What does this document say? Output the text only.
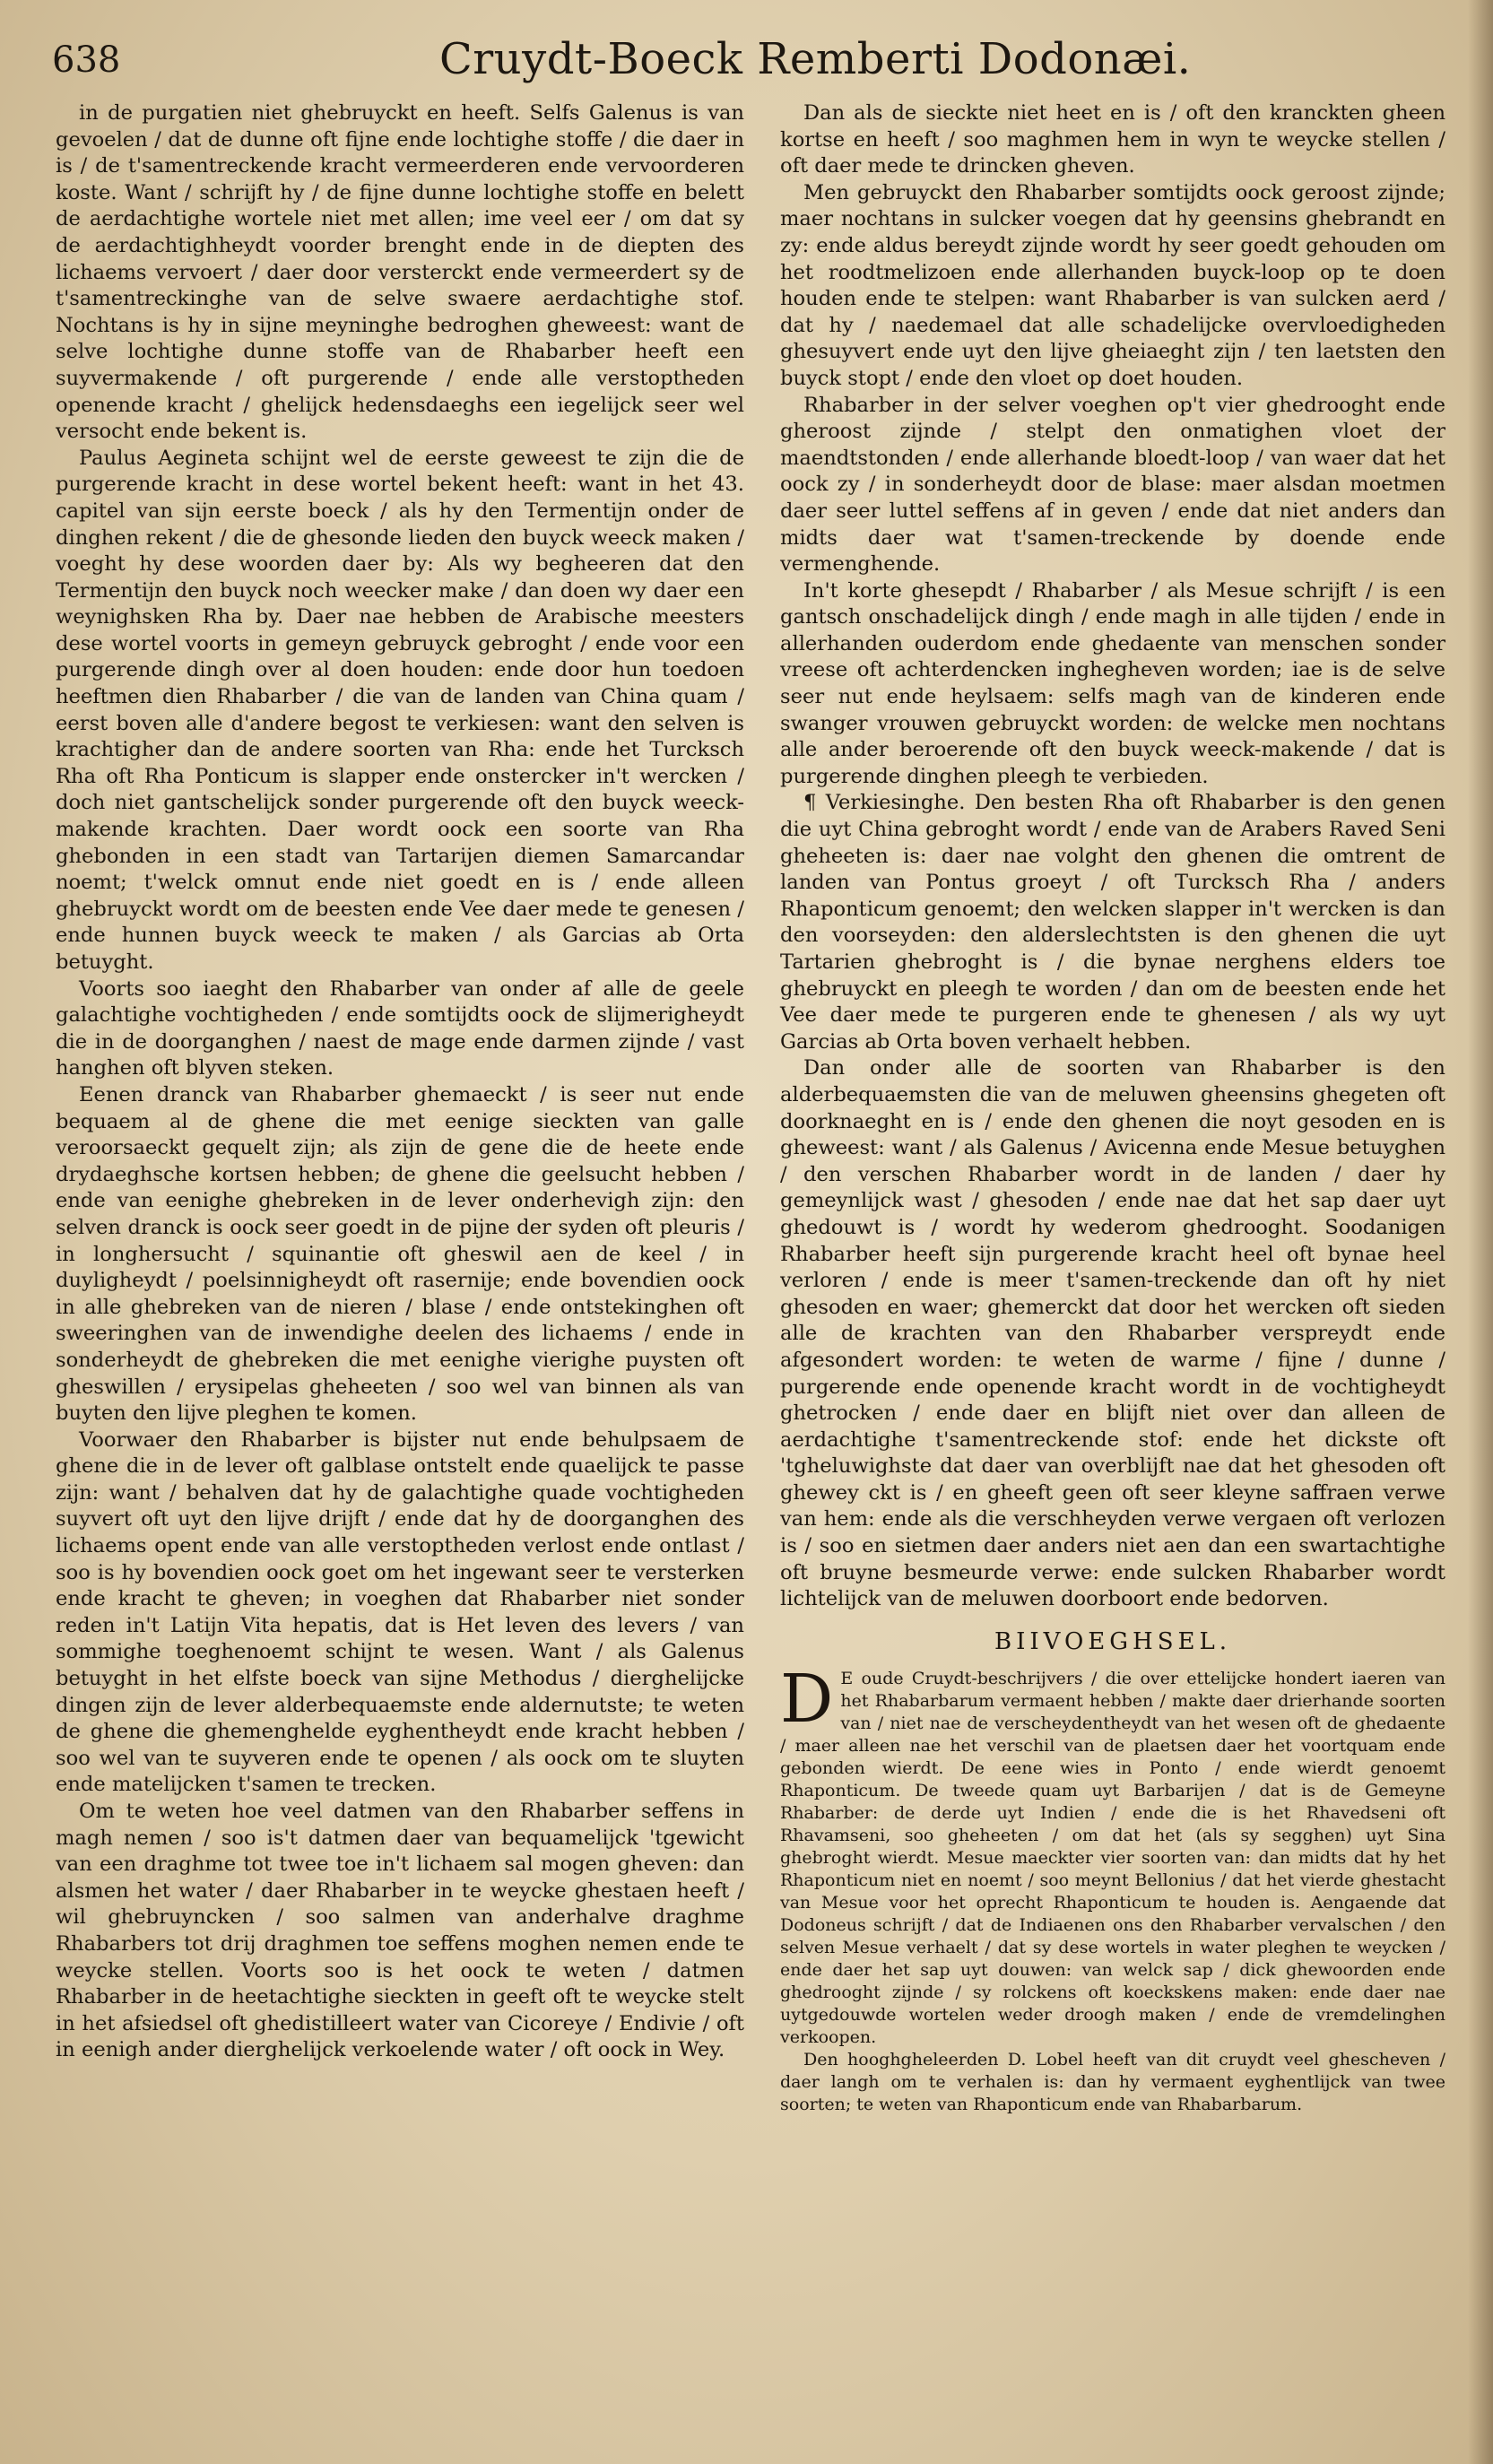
638	Cruydt-Boeck Remberti Dodonæi.

in de purgatien niet ghebruyckt en heeft. Selfs Galenus is van gevoelen / dat de dunne oft fijne ende lochtighe stoffe / die daer in is / de t'samentreckende kracht vermeerderen ende vervoorderen koste. Want / schrijft hy / de fijne dunne lochtighe stoffe en belett de aerdachtighe wortele niet met allen; ime veel eer / om dat sy de aerdachtighheydt voorder brenght ende in de diepten des lichaems vervoert / daer door versterckt ende vermeerdert sy de t'samentreckinghe van de selve swaere aerdachtighe stof. Nochtans is hy in sijne meyninghe bedroghen gheweest: want de selve lochtighe dunne stoffe van de Rhabarber heeft een suyvermakende / oft purgerende / ende alle verstoptheden openende kracht / ghelijck hedensdaeghs een iegelijck seer wel versocht ende bekent is.

Paulus Aegineta schijnt wel de eerste geweest te zijn die de purgerende kracht in dese wortel bekent heeft: want in het 43. capitel van sijn eerste boeck / als hy den Termentijn onder de dinghen rekent / die de ghesonde lieden den buyck weeck maken / voeght hy dese woorden daer by: Als wy begheeren dat den Termentijn den buyck noch weecker make / dan doen wy daer een weynighsken Rha by. Daer nae hebben de Arabische meesters dese wortel voorts in gemeyn gebruyck gebroght / ende voor een purgerende dingh over al doen houden: ende door hun toedoen heeftmen dien Rhabarber / die van de landen van China quam / eerst boven alle d'andere begost te verkiesen: want den selven is krachtigher dan de andere soorten van Rha: ende het Turcksch Rha oft Rha Ponticum is slapper ende onstercker in't wercken / doch niet gantschelijck sonder purgerende oft den buyck weeck-makende krachten. Daer wordt oock een soorte van Rha ghebonden in een stadt van Tartarijen diemen Samarcandar noemt; t'welck omnut ende niet goedt en is / ende alleen ghebruyckt wordt om de beesten ende Vee daer mede te genesen / ende hunnen buyck weeck te maken / als Garcias ab Orta betuyght.

Voorts soo iaeght den Rhabarber van onder af alle de geele galachtighe vochtigheden / ende somtijdts oock de slijmerigheydt die in de doorganghen / naest de mage ende darmen zijnde / vast hanghen oft blyven steken.

Eenen dranck van Rhabarber ghemaeckt / is seer nut ende bequaem al de ghene die met eenige sieckten van galle veroorsaeckt gequelt zijn; als zijn de gene die de heete ende drydaeghsche kortsen hebben; de ghene die geelsucht hebben / ende van eenighe ghebreken in de lever onderhevigh zijn: den selven dranck is oock seer goedt in de pijne der syden oft pleuris / in longhersucht / squinantie oft gheswil aen de keel / in duyligheydt / poelsinnigheydt oft rasernije; ende bovendien oock in alle ghebreken van de nieren / blase / ende ontstekinghen oft sweeringhen van de inwendighe deelen des lichaems / ende in sonderheydt de ghebreken die met eenighe vierighe puysten oft gheswillen / erysipelas gheheeten / soo wel van binnen als van buyten den lijve pleghen te komen.

Voorwaer den Rhabarber is bijster nut ende behulpsaem de ghene die in de lever oft galblase ontstelt ende quaelijck te passe zijn: want / behalven dat hy de galachtighe quade vochtigheden suyvert oft uyt den lijve drijft / ende dat hy de doorganghen des lichaems opent ende van alle verstoptheden verlost ende ontlast / soo is hy bovendien oock goet om het ingewant seer te versterken ende kracht te gheven; in voeghen dat Rhabarber niet sonder reden in't Latijn Vita hepatis, dat is Het leven des levers / van sommighe toeghenoemt schijnt te wesen. Want / als Galenus betuyght in het elfste boeck van sijne Methodus / dierghelijcke dingen zijn de lever alderbequaemste ende aldernutste; te weten de ghene die ghemenghelde eyghentheydt ende kracht hebben / soo wel van te suyveren ende te openen / als oock om te sluyten ende matelijcken t'samen te trecken.

Om te weten hoe veel datmen van den Rhabarber seffens in magh nemen / soo is't datmen daer van bequamelijck 'tgewicht van een draghme tot twee toe in't lichaem sal mogen gheven: dan alsmen het water / daer Rhabarber in te weycke ghestaen heeft / wil ghebruyncken / soo salmen van anderhalve draghme Rhabarbers tot drij draghmen toe seffens moghen nemen ende te weycke stellen. Voorts soo is het oock te weten / datmen Rhabarber in de heetachtighe sieckten in geeft oft te weycke stelt in het afsiedsel oft ghedistilleert water van Cicoreye / Endivie / oft in eenigh ander dierghelijck verkoelende water / oft oock in Wey.

Dan als de sieckte niet heet en is / oft den kranckten gheen kortse en heeft / soo maghmen hem in wyn te weycke stellen / oft daer mede te drincken gheven.

Men gebruyckt den Rhabarber somtijdts oock geroost zijnde; maer nochtans in sulcker voegen dat hy geensins ghebrandt en zy: ende aldus bereydt zijnde wordt hy seer goedt gehouden om het roodtmelizoen ende allerhanden buyck-loop op te doen houden ende te stelpen: want Rhabarber is van sulcken aerd / dat hy / naedemael dat alle schadelijcke overvloedigheden ghesuyvert ende uyt den lijve gheiaeght zijn / ten laetsten den buyck stopt / ende den vloet op doet houden.

Rhabarber in der selver voeghen op't vier ghedrooght ende gheroost zijnde / stelpt den onmatighen vloet der maendtstonden / ende allerhande bloedt-loop / van waer dat het oock zy / in sonderheydt door de blase: maer alsdan moetmen daer seer luttel seffens af in geven / ende dat niet anders dan midts daer wat t'samen-treckende by doende ende vermenghende.

In't korte ghesepdt / Rhabarber / als Mesue schrijft / is een gantsch onschadelijck dingh / ende magh in alle tijden / ende in allerhanden ouderdom ende ghedaente van menschen sonder vreese oft achterdencken inghegheven worden; iae is de selve seer nut ende heylsaem: selfs magh van de kinderen ende swanger vrouwen gebruyckt worden: de welcke men nochtans alle ander beroerende oft den buyck weeck-makende / dat is purgerende dinghen pleegh te verbieden.

¶ Verkiesinghe. Den besten Rha oft Rhabarber is den genen die uyt China gebroght wordt / ende van de Arabers Raved Seni gheheeten is: daer nae volght den ghenen die omtrent de landen van Pontus groeyt / oft Turcksch Rha / anders Rhaponticum genoemt; den welcken slapper in't wercken is dan den voorseyden: den alderslechtsten is den ghenen die uyt Tartarien ghebroght is / die bynae nerghens elders toe ghebruyckt en pleegh te worden / dan om de beesten ende het Vee daer mede te purgeren ende te ghenesen / als wy uyt Garcias ab Orta boven verhaelt hebben.

Dan onder alle de soorten van Rhabarber is den alderbequaemsten die van de meluwen gheensins ghegeten oft doorknaeght en is / ende den ghenen die noyt gesoden en is gheweest: want / als Galenus / Avicenna ende Mesue betuyghen / den verschen Rhabarber wordt in de landen / daer hy gemeynlijck wast / ghesoden / ende nae dat het sap daer uyt ghedouwt is / wordt hy wederom ghedrooght. Soodanigen Rhabarber heeft sijn purgerende kracht heel oft bynae heel verloren / ende is meer t'samen-treckende dan oft hy niet ghesoden en waer; ghemerckt dat door het wercken oft sieden alle de krachten van den Rhabarber verspreydt ende afgesondert worden: te weten de warme / fijne / dunne / purgerende ende openende kracht wordt in de vochtigheydt ghetrocken / ende daer en blijft niet over dan alleen de aerdachtighe t'samentreckende stof: ende het dickste oft 'tgheluwighste dat daer van overblijft nae dat het ghesoden oft ghewey ckt is / en gheeft geen oft seer kleyne saffraen verwe van hem: ende als die verschheyden verwe vergaen oft verlozen is / soo en sietmen daer anders niet aen dan een swartachtighe oft bruyne besmeurde verwe: ende sulcken Rhabarber wordt lichtelijck van de meluwen doorboort ende bedorven.

BIIVOEGHSEL.

D E oude Cruydt-beschrijvers / die over ettelijcke hondert iaeren van het Rhabarbarum vermaent hebben / makte daer drierhande soorten van / niet nae de verscheydentheydt van het wesen oft de ghedaente / maer alleen nae het verschil van de plaetsen daer het voortquam ende gebonden wierdt. De eene wies in Ponto / ende wierdt genoemt Rhaponticum. De tweede quam uyt Barbarijen / dat is de Gemeyne Rhabarber: de derde uyt Indien / ende die is het Rhavedseni oft Rhavamseni, soo gheheeten / om dat het (als sy segghen) uyt Sina ghebroght wierdt. Mesue maeckter vier soorten van: dan midts dat hy het Rhaponticum niet en noemt / soo meynt Bellonius / dat het vierde ghestacht van Mesue voor het oprecht Rhaponticum te houden is. Aengaende dat Dodoneus schrijft / dat de Indiaenen ons den Rhabarber vervalschen / den selven Mesue verhaelt / dat sy dese wortels in water pleghen te weycken / ende daer het sap uyt douwen: van welck sap / dick ghewoorden ende ghedrooght zijnde / sy rolckens oft koeckskens maken: ende daer nae uytgedouwde wortelen weder droogh maken / ende de vremdelinghen verkoopen.

Den hooghgheleerden D. Lobel heeft van dit cruydt veel ghescheven / daer langh om te verhalen is: dan hy vermaent eyghentlijck van twee soorten; te weten van Rhaponticum ende van Rhabarbarum.
